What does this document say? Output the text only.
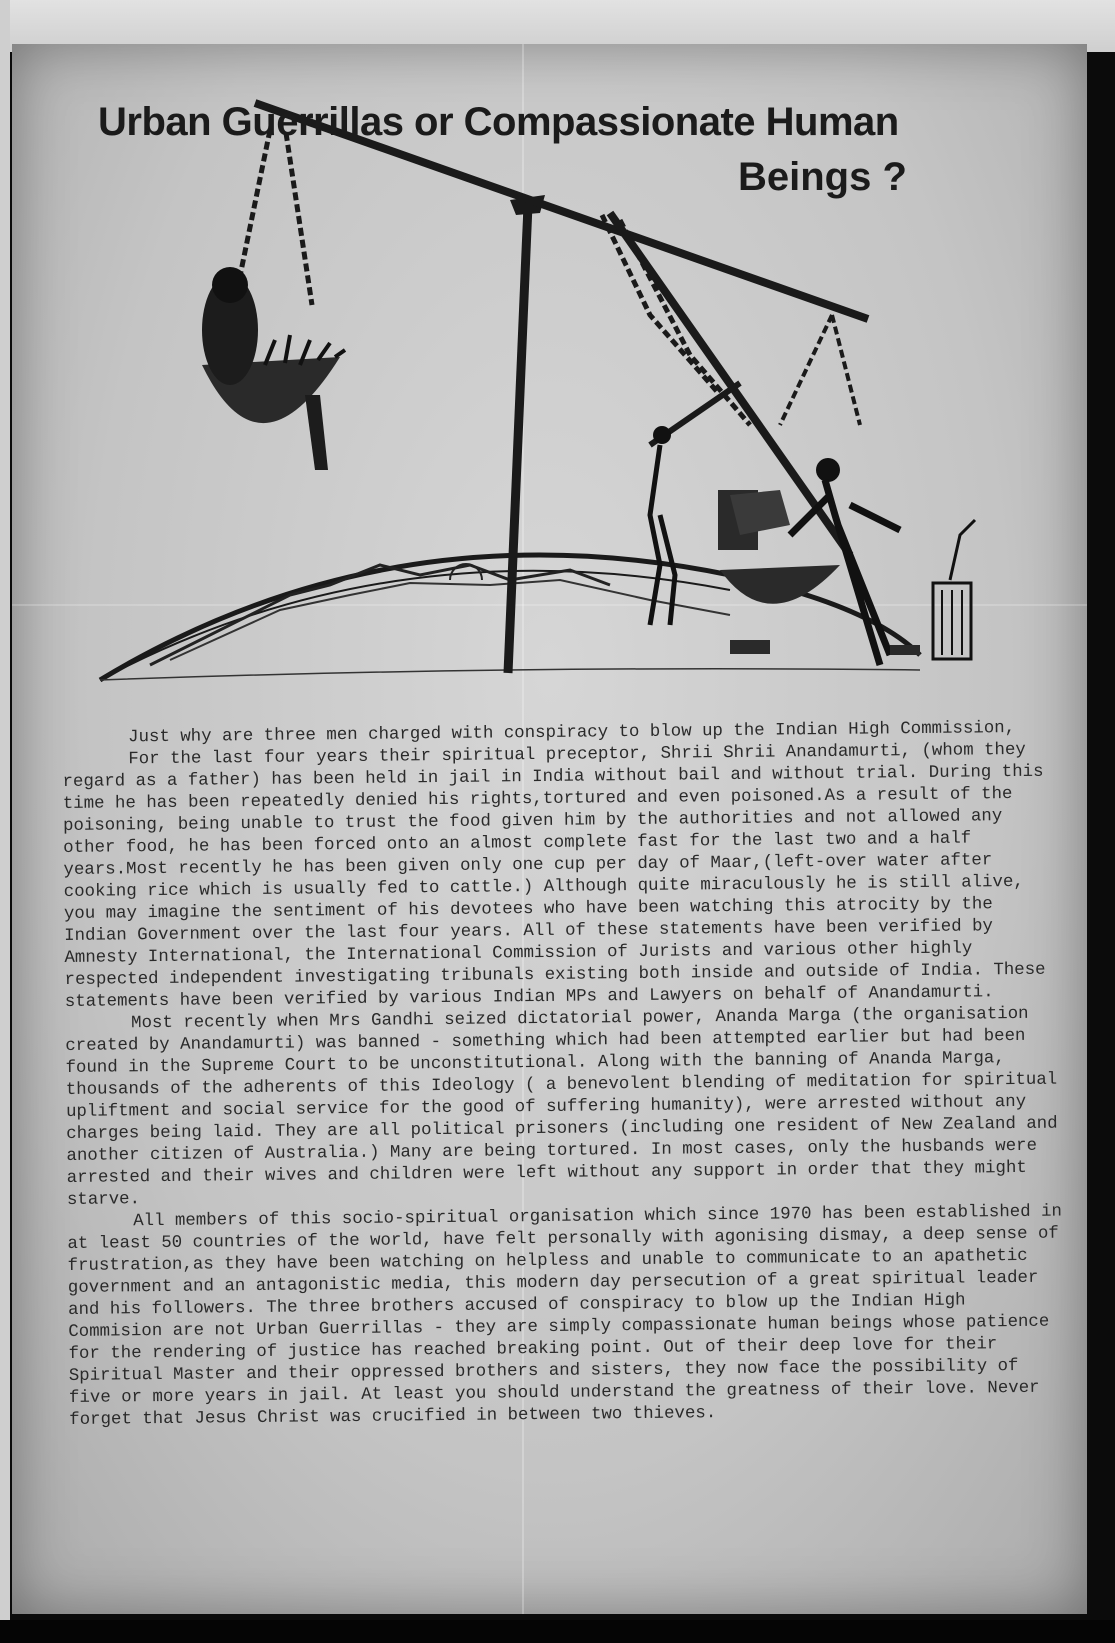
Urban Guerrillas or Compassionate Human
Beings ?

Just why are three men charged with conspiracy to blow up the Indian High Commission,

For the last four years their spiritual preceptor, Shrii Shrii Anandamurti, (whom they regard as a father) has been held in jail in India without bail and without trial. During this time he has been repeatedly denied his rights,tortured and even poisoned.As a result of the poisoning, being unable to trust the food given him by the authorities and not allowed any other food, he has been forced onto an almost complete fast for the last two and a half years.Most recently he has been given only one cup per day of Maar,(left-over water after cooking rice which is usually fed to cattle.) Although quite miraculously he is still alive, you may imagine the sentiment of his devotees who have been watching this atrocity by the Indian Government over the last four years. All of these statements have been verified by Amnesty International, the International Commission of Jurists and various other highly respected independent investigating tribunals existing both inside and outside of India. These statements have been verified by various Indian MPs and Lawyers on behalf of Anandamurti.

Most recently when Mrs Gandhi seized dictatorial power, Ananda Marga (the organisation created by Anandamurti) was banned - something which had been attempted earlier but had been found in the Supreme Court to be unconstitutional. Along with the banning of Ananda Marga, thousands of the adherents of this Ideology ( a benevolent blending of meditation for spiritual upliftment and social service for the good of suffering humanity), were arrested without any charges being laid. They are all political prisoners (including one resident of New Zealand and another citizen of Australia.) Many are being tortured. In most cases, only the husbands were arrested and their wives and children were left without any support in order that they might starve.

All members of this socio-spiritual organisation which since 1970 has been established in at least 50 countries of the world, have felt personally with agonising dismay, a deep sense of frustration,as they have been watching on helpless and unable to communicate to an apathetic government and an antagonistic media, this modern day persecution of a great spiritual leader and his followers. The three brothers accused of conspiracy to blow up the Indian High Commision are not Urban Guerrillas - they are simply compassionate human beings whose patience for the rendering of justice has reached breaking point. Out of their deep love for their Spiritual Master and their oppressed brothers and sisters, they now face the possibility of five or more years in jail. At least you should understand the greatness of their love. Never forget that Jesus Christ was crucified in between two thieves.
